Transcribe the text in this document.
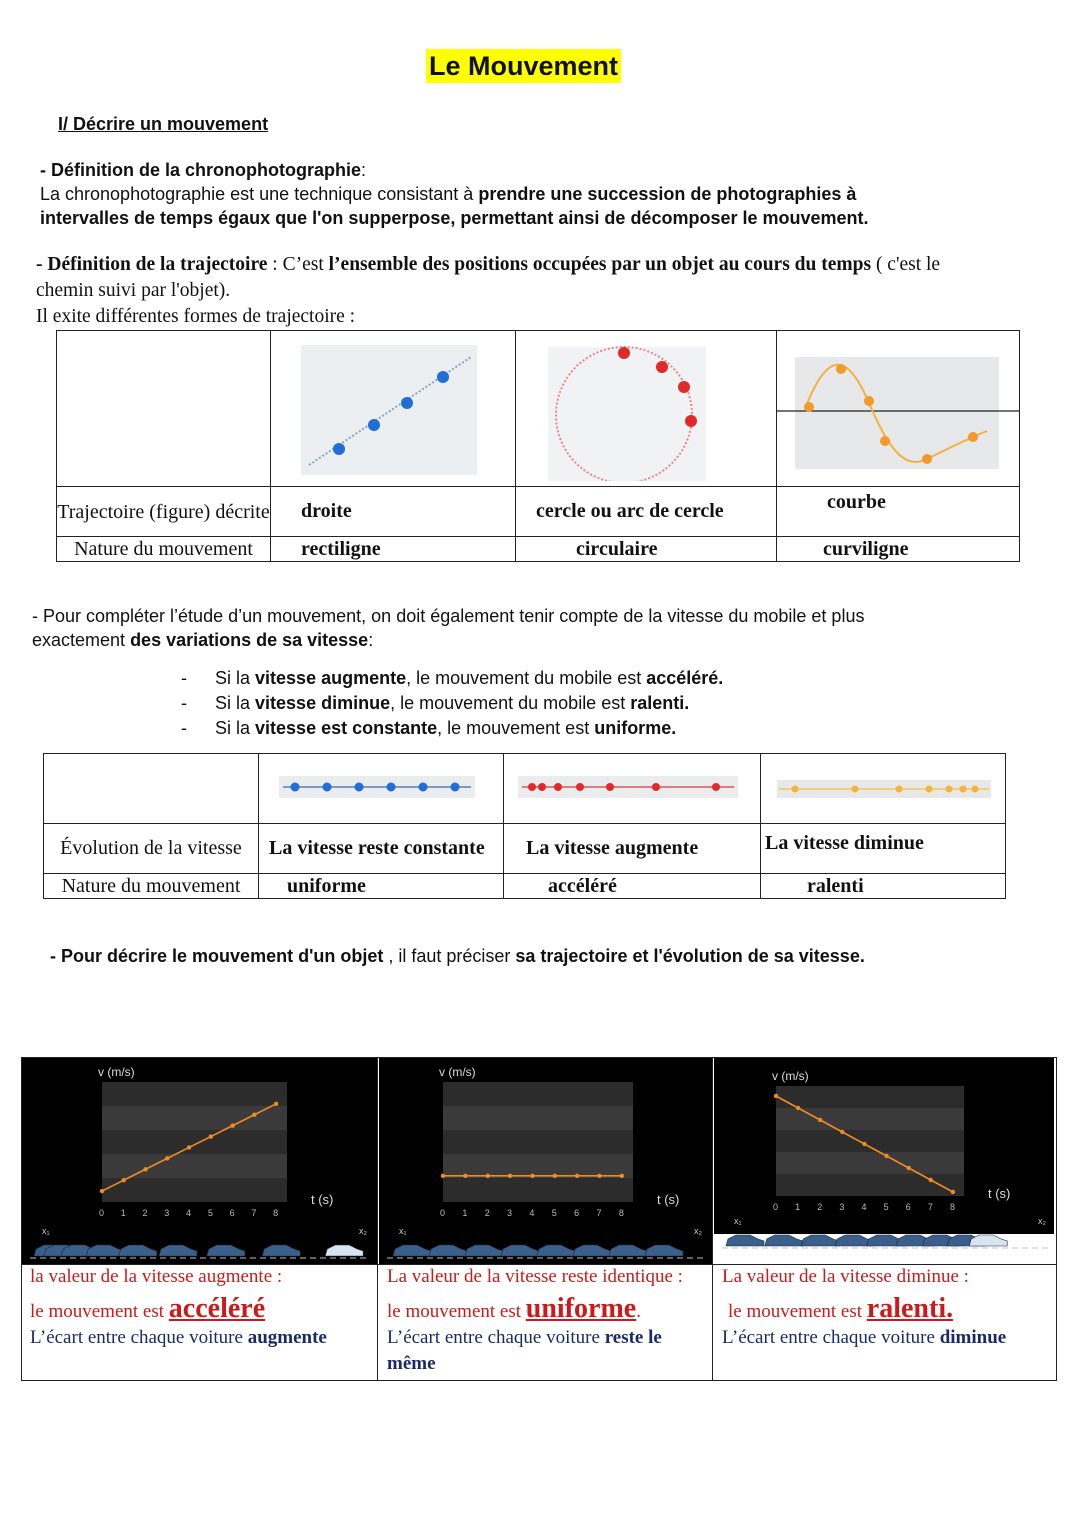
Le Mouvement
I/ Décrire un mouvement
- Définition de la chronophotographie:
La chronophotographie est une technique consistant à prendre une succession de photographies à
intervalles de temps égaux que l'on supperpose, permettant ainsi de décomposer le mouvement.
- Définition de la trajectoire : C’est l’ensemble des positions occupées par un objet au cours du temps ( c'est le
chemin suivi par l'objet).
Il exite différentes formes de trajectoire :

Trajectoire (figure) décrite	droite	cercle ou arc de cercle	courbe
Nature du mouvement	rectiligne	circulaire	curviligne
- Pour compléter l’étude d’un mouvement, on doit également tenir compte de la vitesse du mobile et plus
exactement des variations de sa vitesse:
- Si la vitesse augmente, le mouvement du mobile est accéléré.
- Si la vitesse diminue, le mouvement du mobile est ralenti.
- Si la vitesse est constante, le mouvement est uniforme.

Évolution de la vitesse	La vitesse reste constante	La vitesse augmente	La vitesse diminue
Nature du mouvement	uniforme	accéléré	ralenti
- Pour décrire le mouvement d'un objet , il faut préciser sa trajectoire et l'évolution de sa vitesse.
v (m/s)
t (s)
0 1 2 3 4 5 6 7 8
x₁	x₂
v (m/s)
t (s)
0 1 2 3 4 5 6 7 8
x₁	x₂
v (m/s)
t (s)
0 1 2 3 4 5 6 7 8
x₁	x₂
la valeur de la vitesse augmente :
le mouvement est accéléré
L’écart entre chaque voiture augmente
La valeur de la vitesse reste identique :
le mouvement est uniforme.
L’écart entre chaque voiture reste le
même
La valeur de la vitesse diminue :
le mouvement est ralenti.
L’écart entre chaque voiture diminue
